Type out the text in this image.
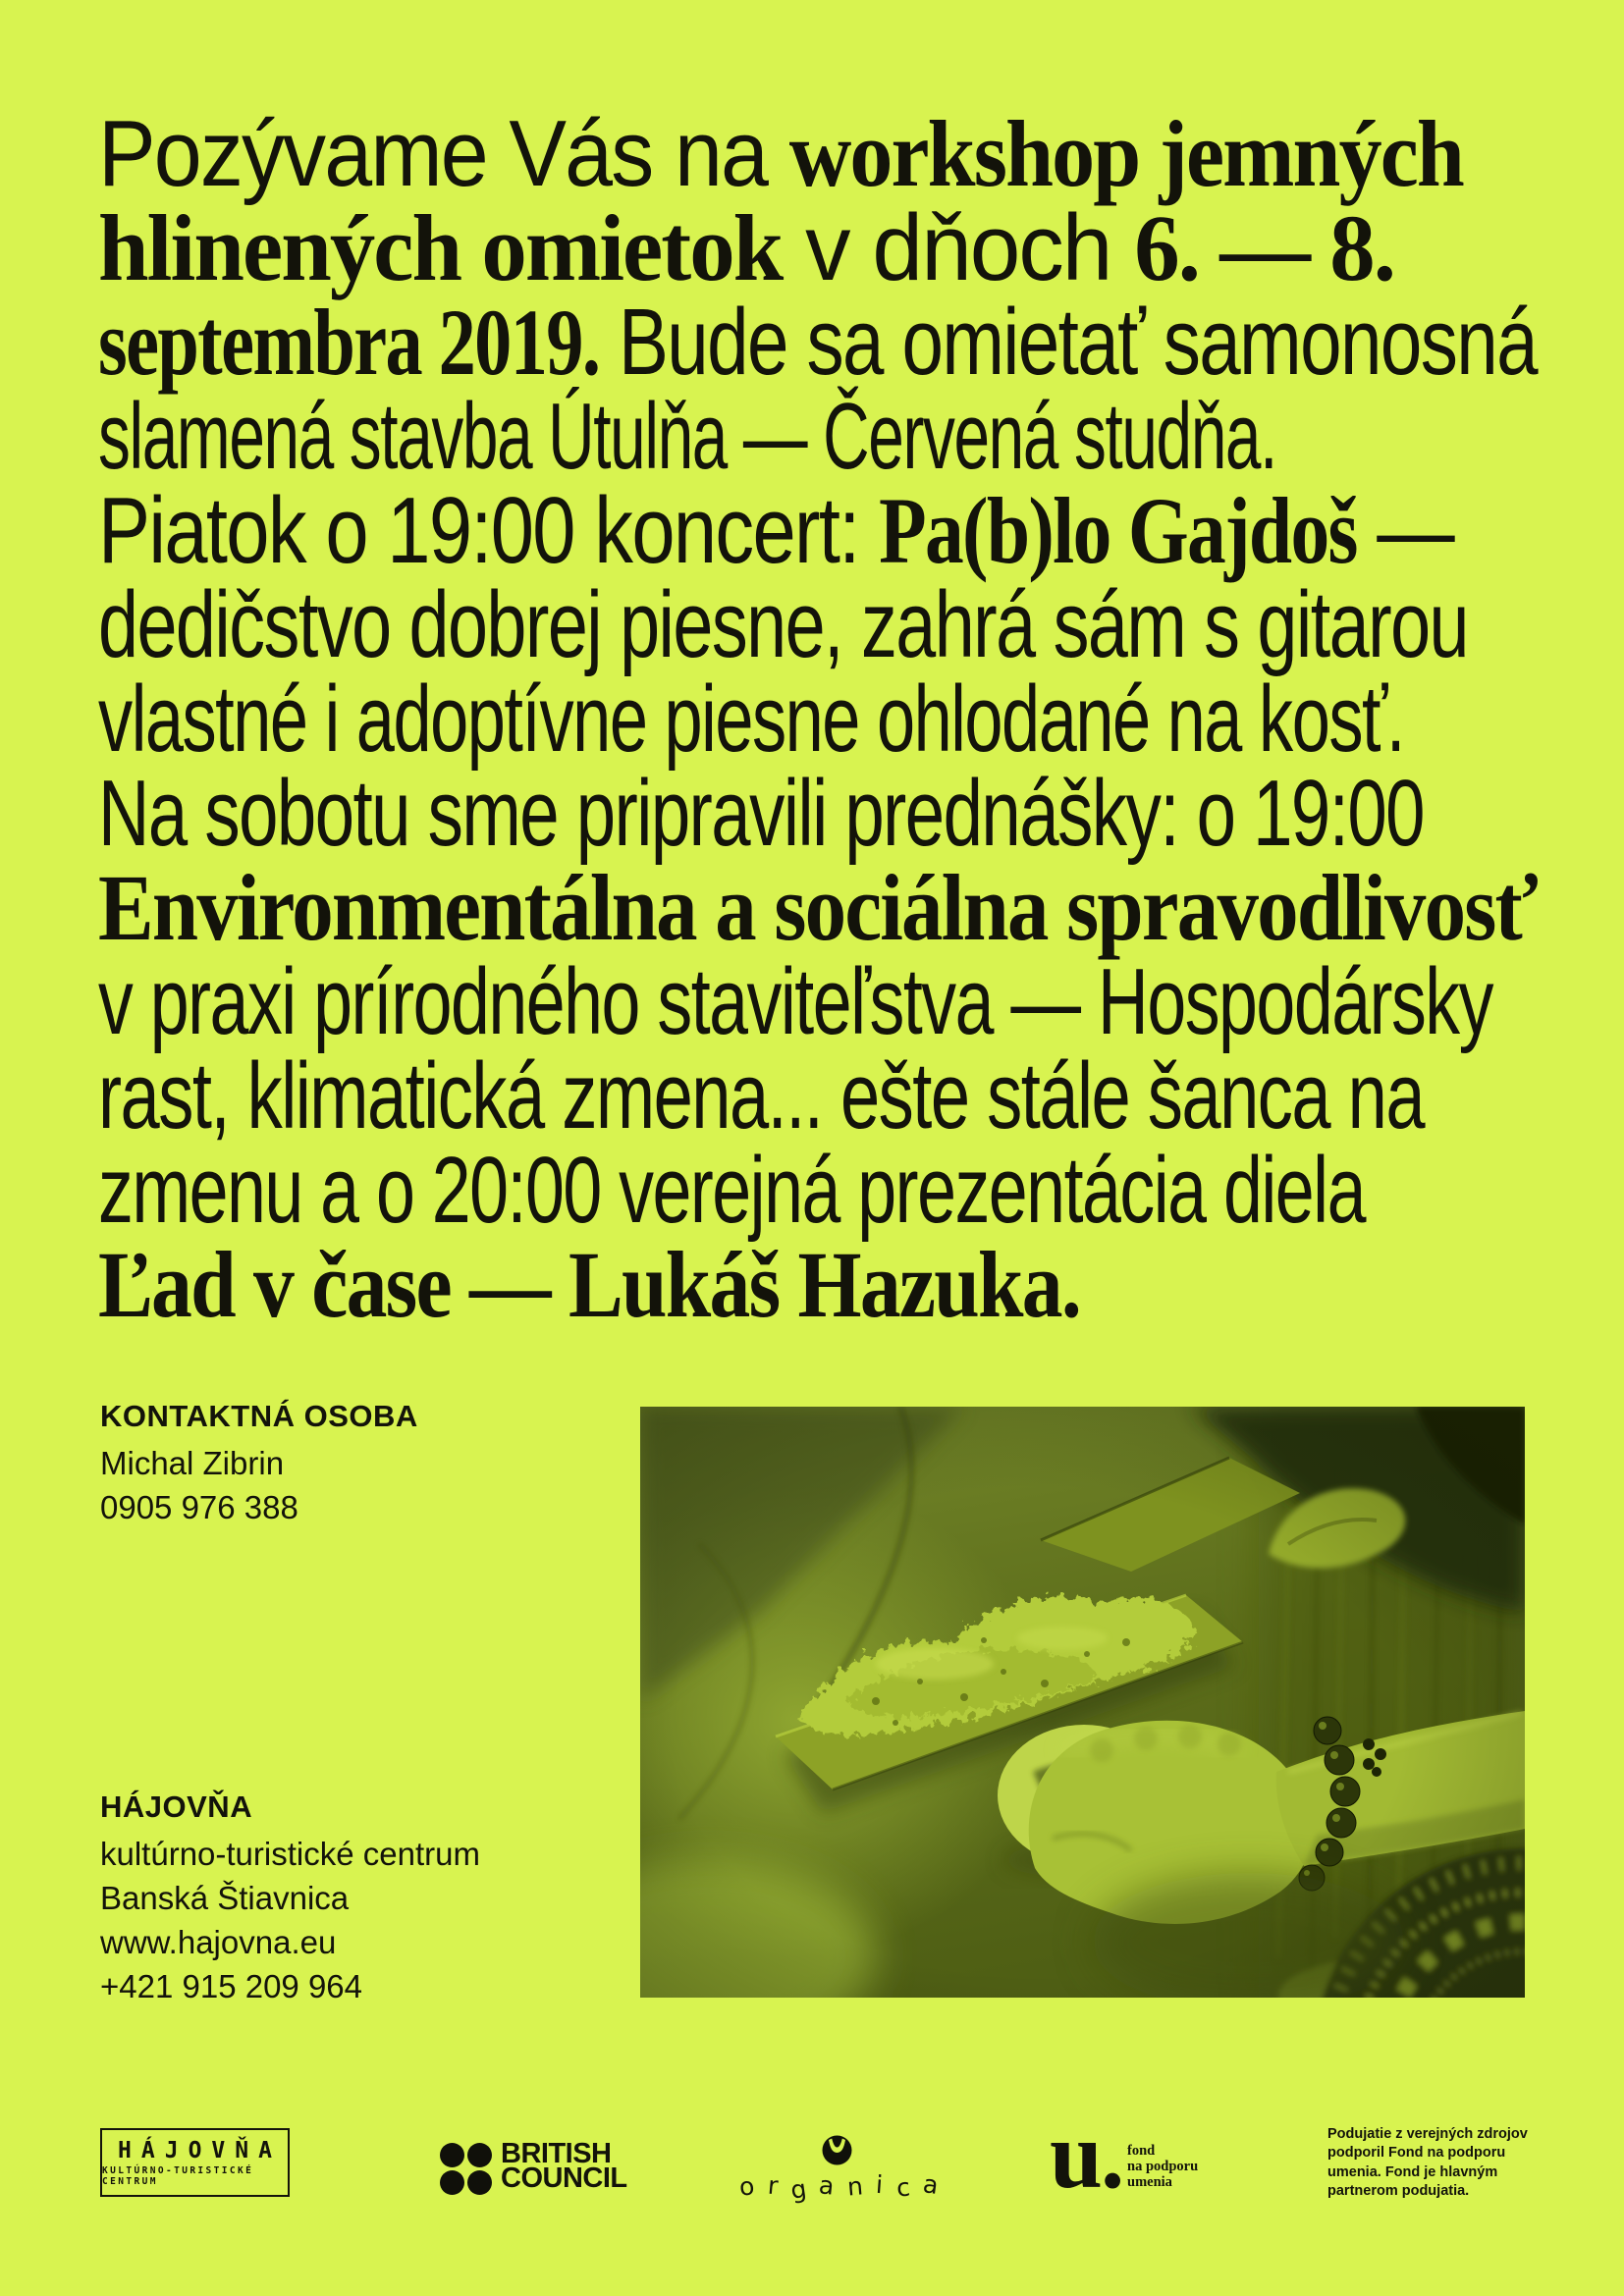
Pozývame Vás na workshop jemných
hlinených omietok v dňoch 6. — 8.
septembra 2019. Bude sa omietať samonosná
slamená stavba Útulňa — Červená studňa.
Piatok o 19:00 koncert: Pa(b)lo Gajdoš —
dedičstvo dobrej piesne, zahrá sám s gitarou
vlastné i adoptívne piesne ohlodané na kosť.
Na sobotu sme pripravili prednášky: o 19:00
Environmentálna a sociálna spravodlivosť
v praxi prírodného staviteľstva — Hospodársky
rast, klimatická zmena... ešte stále šanca na
zmenu a o 20:00 verejná prezentácia diela
Ľad v čase — Lukáš Hazuka.
KONTAKTNÁ OSOBA
Michal Zibrin
0905 976 388
HÁJOVŇA
kultúrno-turistické centrum
Banská Štiavnica
www.hajovna.eu
+421 915 209 964
HÁJOVŇA
KULTÚRNO-TURISTICKÉ CENTRUM
BRITISH
COUNCIL	o r g a n i c a u. fond
na podporu
umenia
Podujatie z verejných zdrojov
podporil Fond na podporu
umenia. Fond je hlavným
partnerom podujatia.
